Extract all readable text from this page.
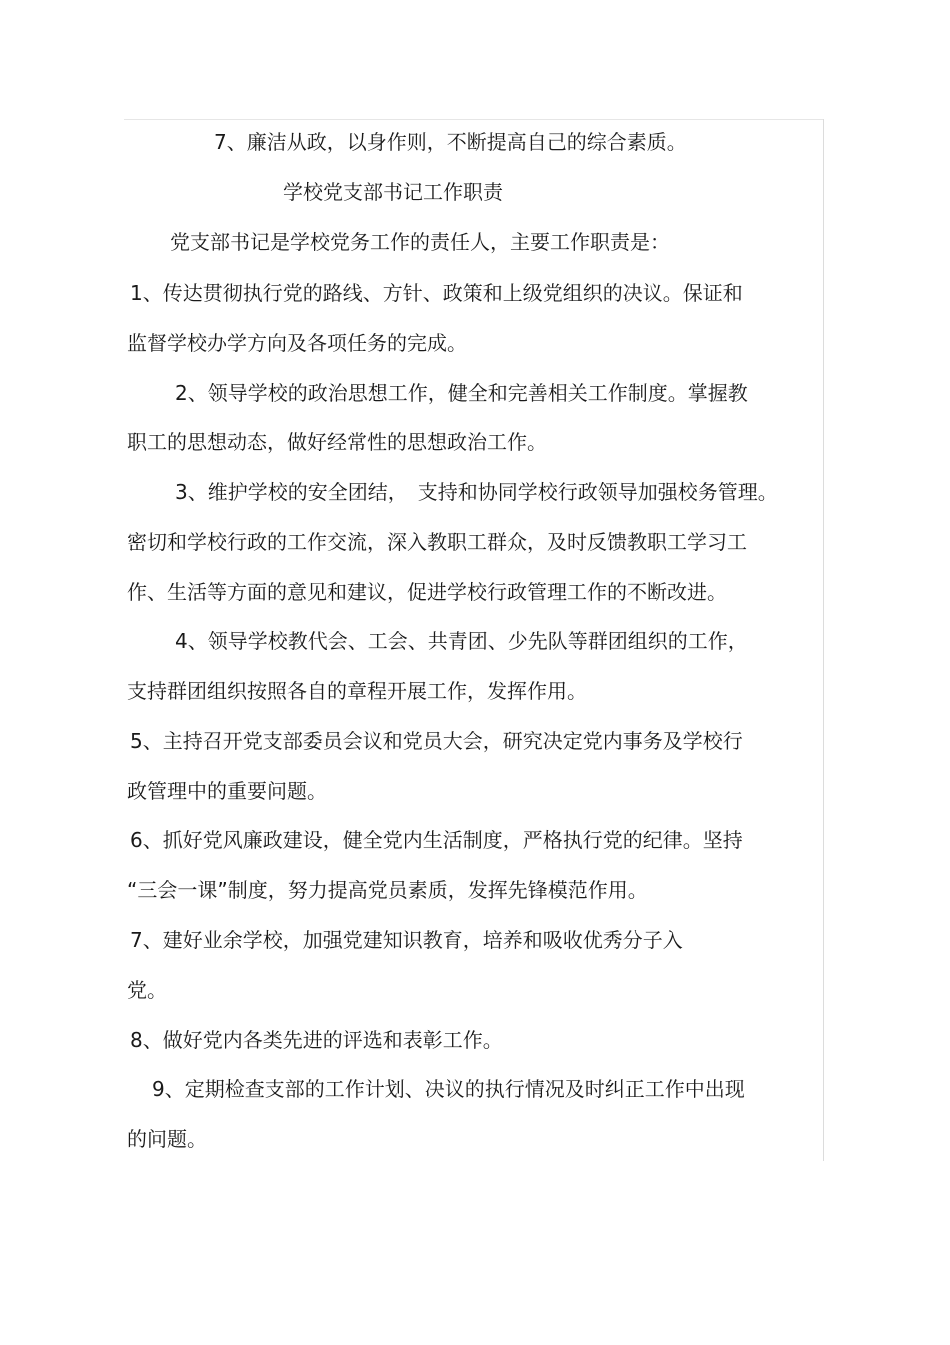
7、廉洁从政，以身作则，不断提高自己的综合素质。
学校党支部书记工作职责
党支部书记是学校党务工作的责任人，主要工作职责是：
1、传达贯彻执行党的路线、方针、政策和上级党组织的决议。保证和
监督学校办学方向及各项任务的完成。
2、领导学校的政治思想工作，健全和完善相关工作制度。掌握教
职工的思想动态，做好经常性的思想政治工作。
3、维护学校的安全团结，　支持和协同学校行政领导加强校务管理。
密切和学校行政的工作交流，深入教职工群众，及时反馈教职工学习工
作、生活等方面的意见和建议，促进学校行政管理工作的不断改进。
4、领导学校教代会、工会、共青团、少先队等群团组织的工作，
支持群团组织按照各自的章程开展工作，发挥作用。
5、主持召开党支部委员会议和党员大会，研究决定党内事务及学校行
政管理中的重要问题。
6、抓好党风廉政建设，健全党内生活制度，严格执行党的纪律。坚持
“三会一课”制度，努力提高党员素质，发挥先锋模范作用。
7、建好业余学校，加强党建知识教育，培养和吸收优秀分子入
党。
8、做好党内各类先进的评选和表彰工作。
9、定期检查支部的工作计划、决议的执行情况及时纠正工作中出现
的问题。
